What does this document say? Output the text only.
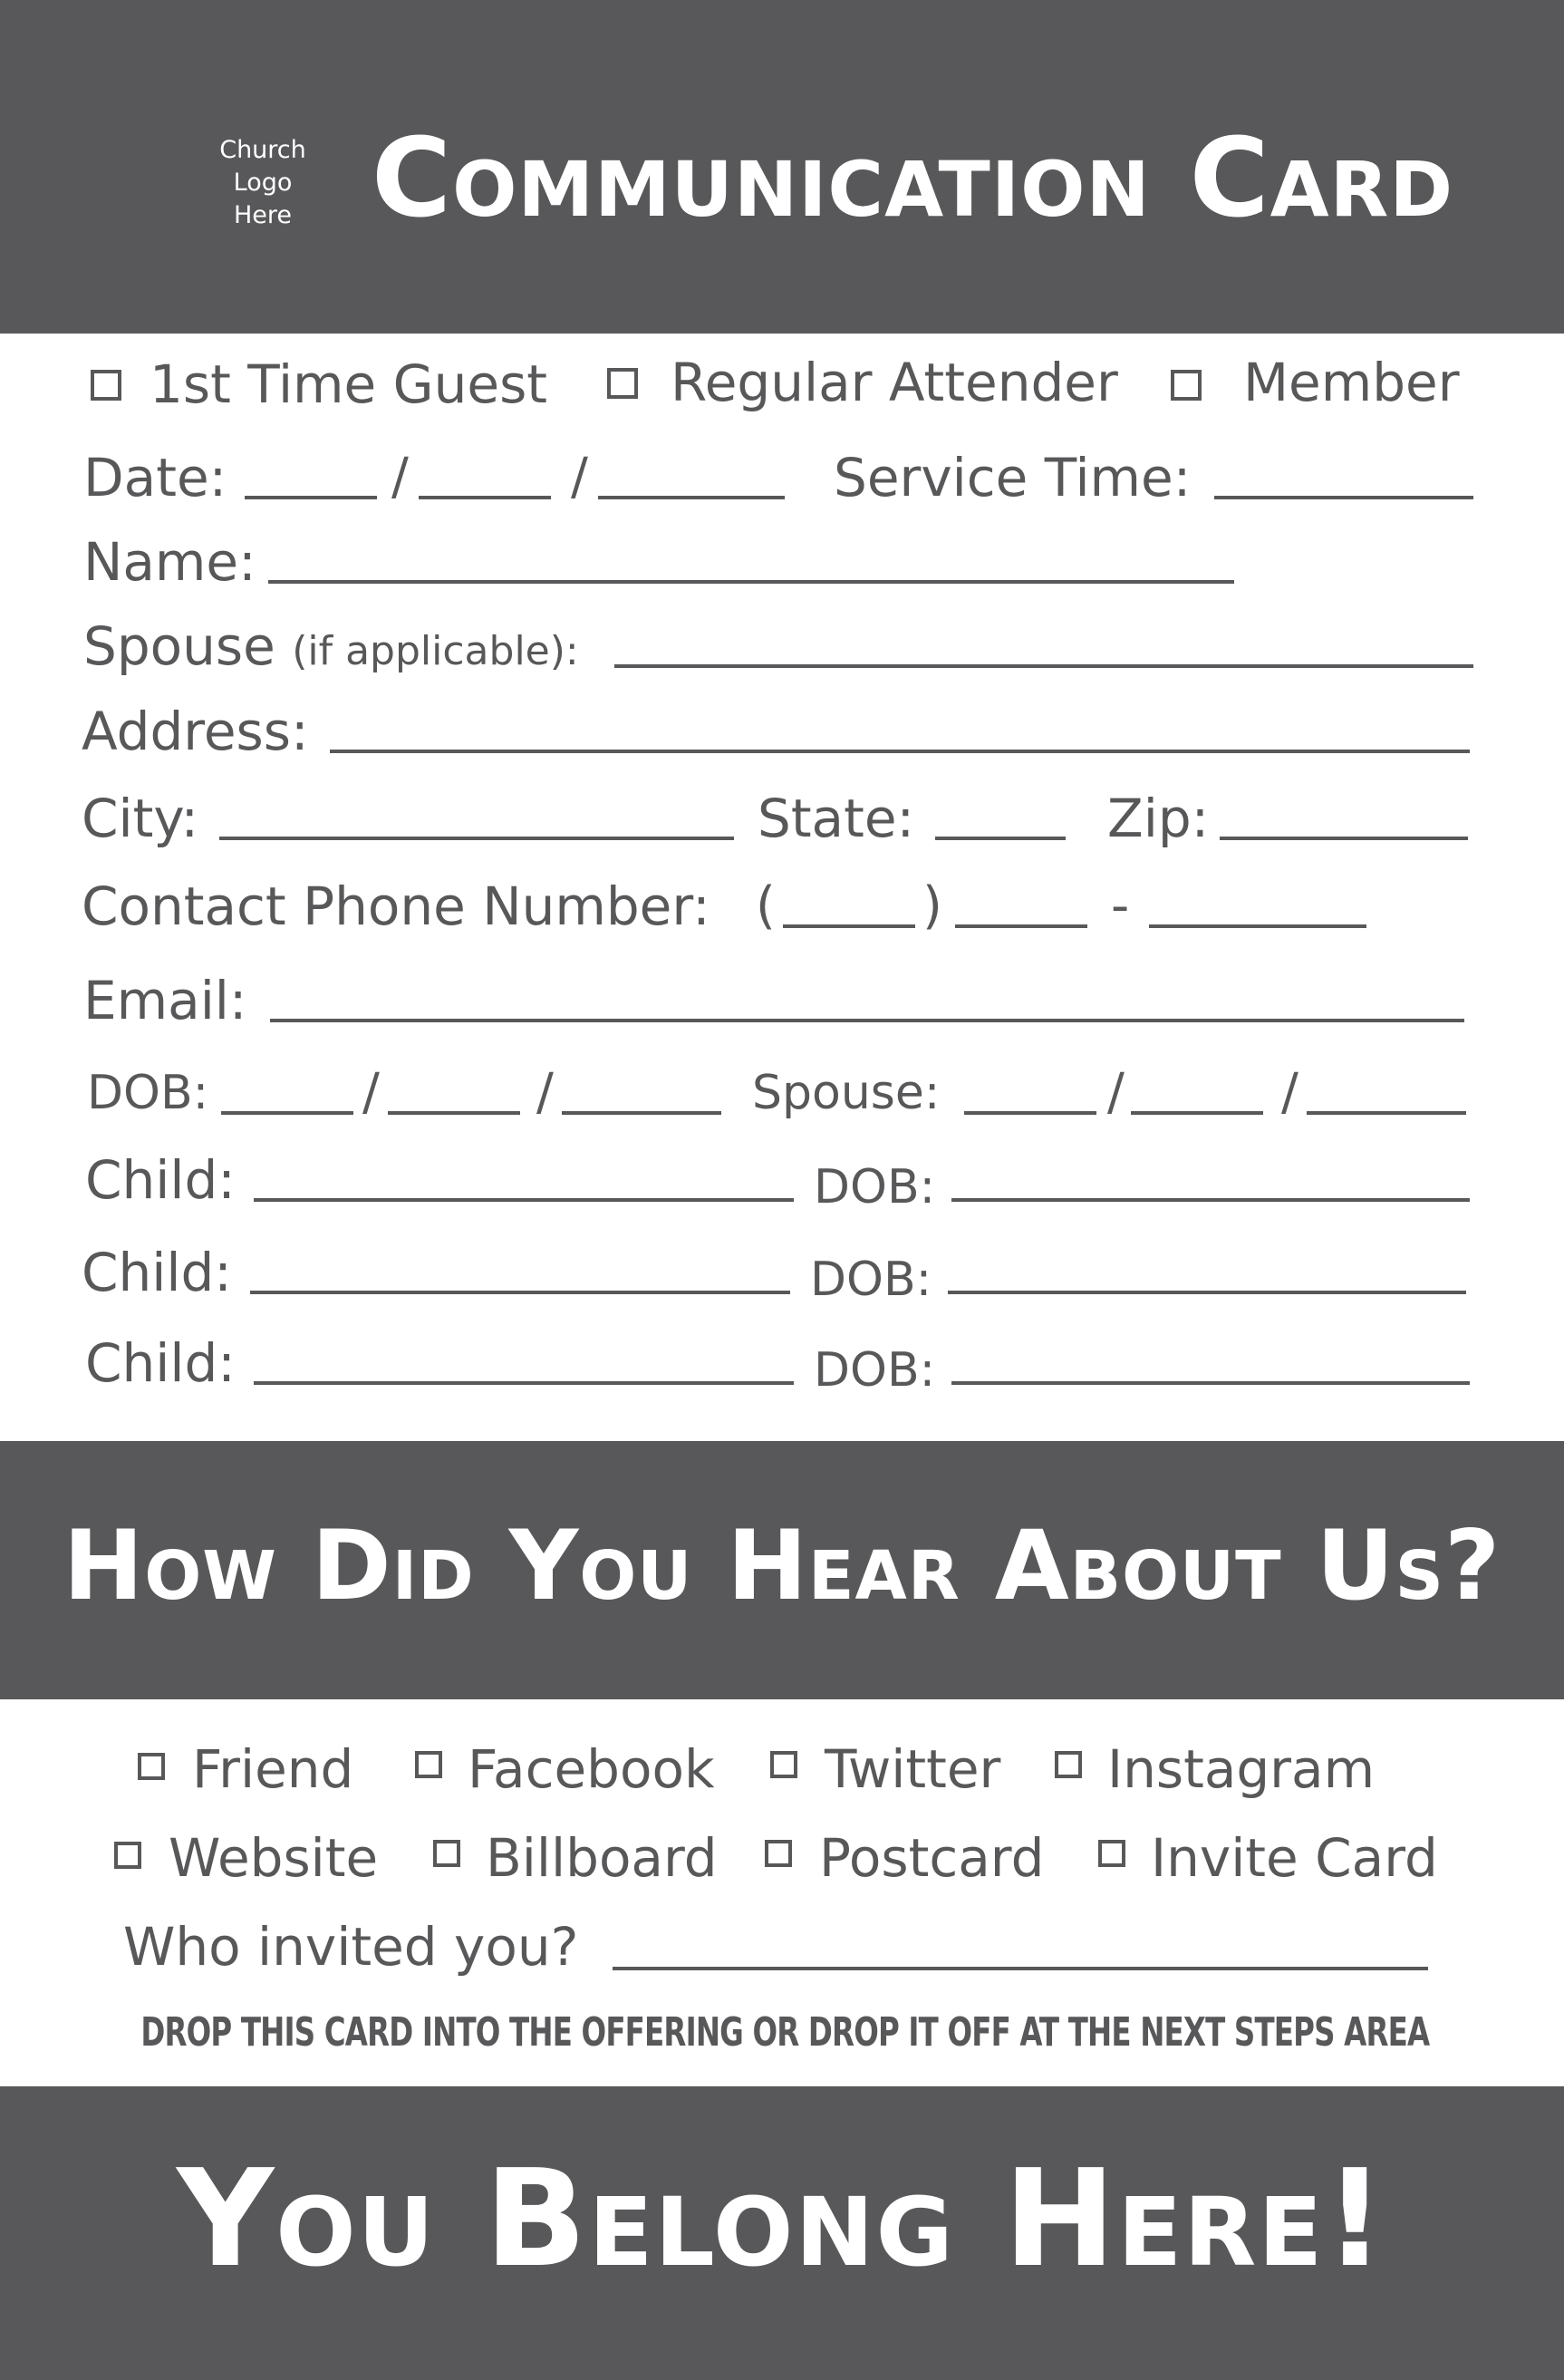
Church
Logo
Here Communication Card
1st Time Guest Regular Attender Member
Date:	/	/	Service Time:
Name:
Spouse (if applicable):
Address:
City:	State:	Zip:
Contact Phone Number: (	)	-
Email:
DOB:	/	/	Spouse:	/	/
Child:	DOB:
Child:	DOB:
Child:	DOB:
How Did You Hear About Us?
Friend Facebook Twitter Instagram
Website Billboard Postcard Invite Card
Who invited you?
DROP THIS CARD INTO THE OFFERING OR DROP IT OFF AT THE NEXT STEPS AREA
You Belong Here!
